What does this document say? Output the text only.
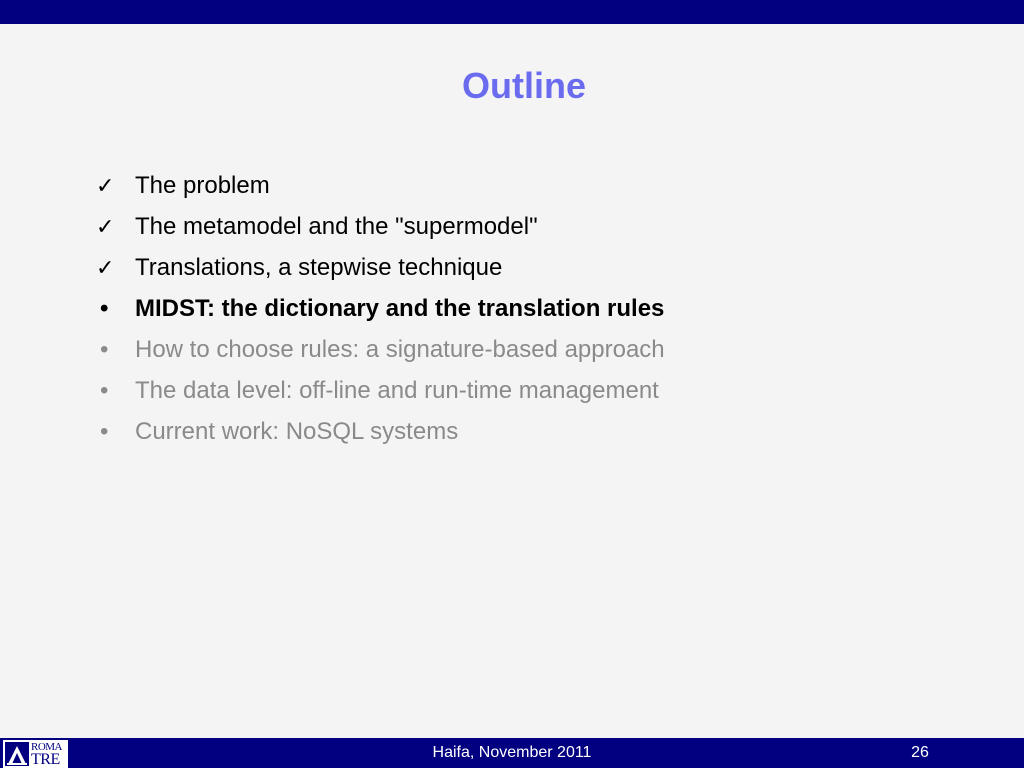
Outline
✓ The problem
✓ The metamodel and the "supermodel"
✓ Translations, a stepwise technique
•	MIDST: the dictionary and the translation rules
•	How to choose rules: a signature-based approach
•	The data level: off-line and run-time management
•	Current work: NoSQL systems
ROMA
TRE	Haifa, November 2011	26
